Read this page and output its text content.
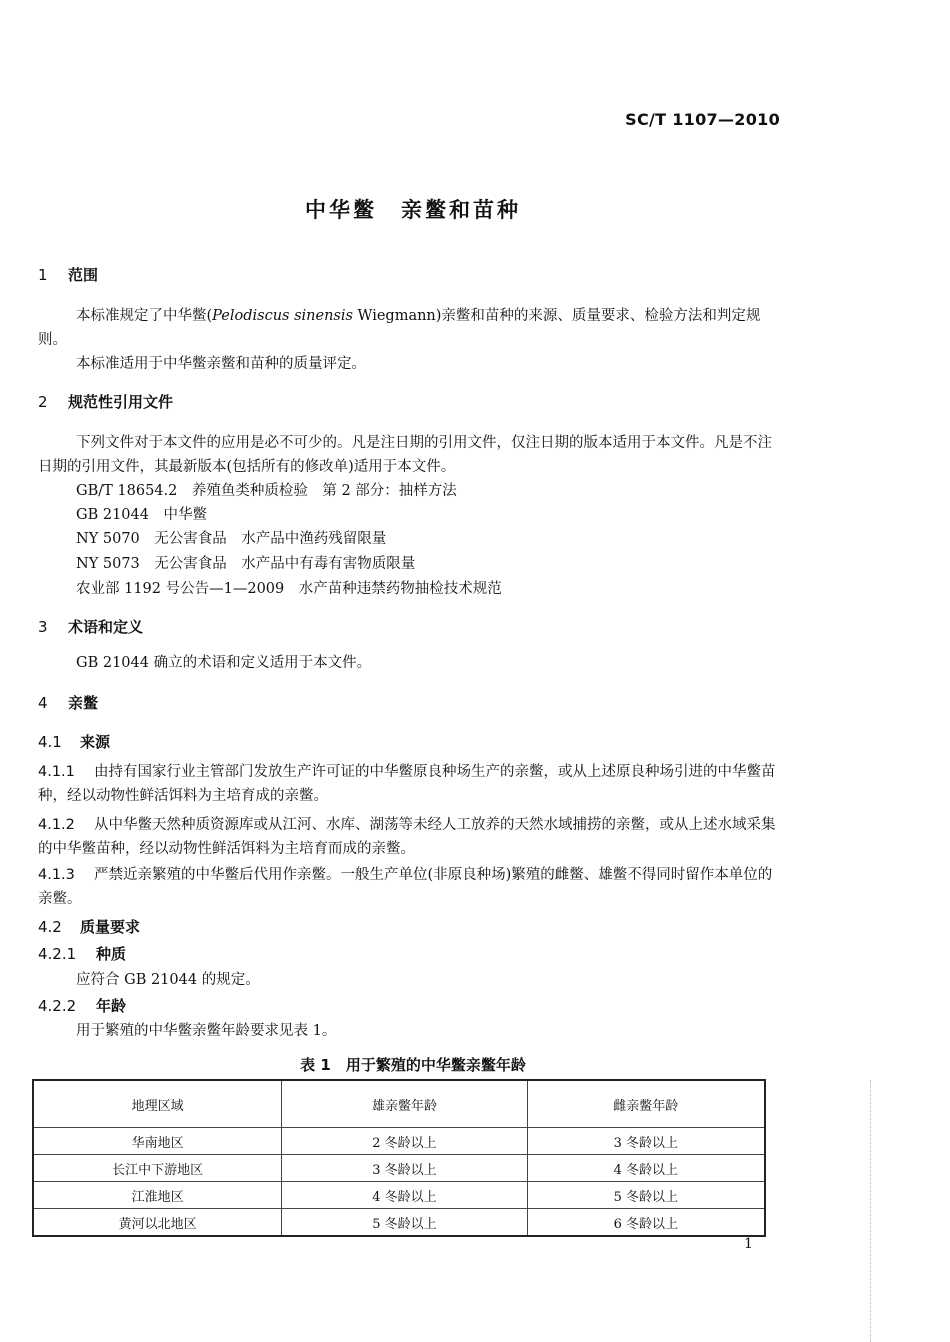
SC/T 1107—2010
中华鳖　亲鳖和苗种
1 范围
本标准规定了中华鳖(Pelodiscus sinensis Wiegmann)亲鳖和苗种的来源、质量要求、检验方法和判定规则。
本标准适用于中华鳖亲鳖和苗种的质量评定。
2 规范性引用文件
下列文件对于本文件的应用是必不可少的。凡是注日期的引用文件，仅注日期的版本适用于本文件。凡是不注日期的引用文件，其最新版本(包括所有的修改单)适用于本文件。
GB/T 18654.2　养殖鱼类种质检验　第 2 部分：抽样方法
GB 21044　中华鳖
NY 5070　无公害食品　水产品中渔药残留限量
NY 5073　无公害食品　水产品中有毒有害物质限量
农业部 1192 号公告—1—2009　水产苗种违禁药物抽检技术规范
3 术语和定义
GB 21044 确立的术语和定义适用于本文件。
4 亲鳖
4.1 来源
4.1.1 由持有国家行业主管部门发放生产许可证的中华鳖原良种场生产的亲鳖，或从上述原良种场引进的中华鳖苗种，经以动物性鲜活饵料为主培育成的亲鳖。
4.1.2 从中华鳖天然种质资源库或从江河、水库、湖荡等未经人工放养的天然水域捕捞的亲鳖，或从上述水域采集的中华鳖苗种，经以动物性鲜活饵料为主培育而成的亲鳖。
4.1.3 严禁近亲繁殖的中华鳖后代用作亲鳖。一般生产单位(非原良种场)繁殖的雌鳖、雄鳖不得同时留作本单位的亲鳖。
4.2 质量要求
4.2.1 种质
应符合 GB 21044 的规定。
4.2.2 年龄
用于繁殖的中华鳖亲鳖年龄要求见表 1。
表 1　用于繁殖的中华鳖亲鳖年龄
地理区域	雄亲鳖年龄	雌亲鳖年龄
华南地区	2 冬龄以上	3 冬龄以上
长江中下游地区	3 冬龄以上	4 冬龄以上
江淮地区	4 冬龄以上	5 冬龄以上
黄河以北地区	5 冬龄以上	6 冬龄以上
1
